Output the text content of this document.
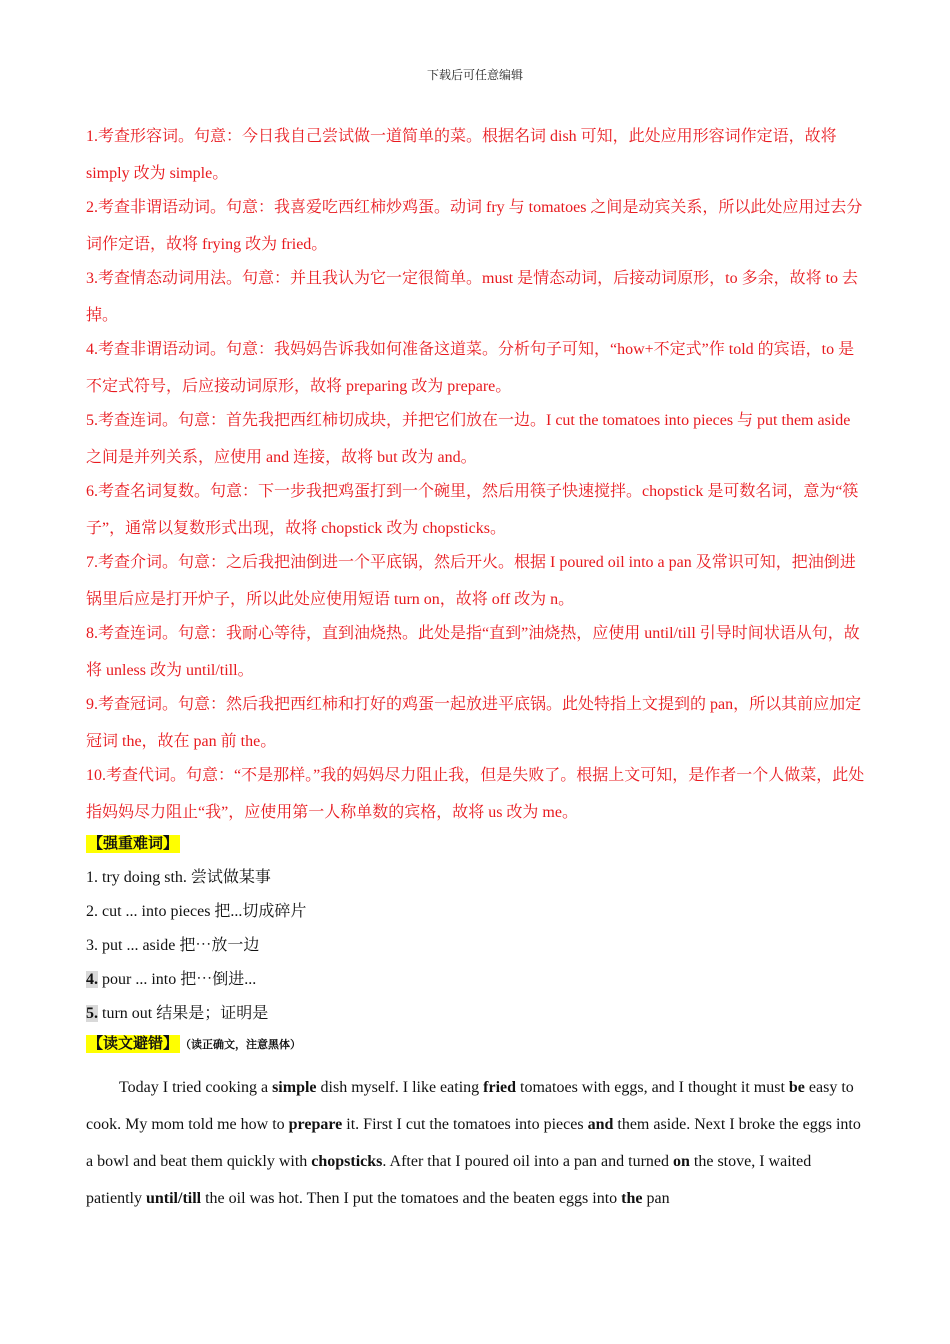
下载后可任意编辑

1.考查形容词。句意：今日我自己尝试做一道简单的菜。根据名词 dish 可知，此处应用形容词作定语，故将 simply 改为 simple。

2.考查非谓语动词。句意：我喜爱吃西红柿炒鸡蛋。动词 fry 与 tomatoes 之间是动宾关系，所以此处应用过去分词作定语，故将 frying 改为 fried。

3.考查情态动词用法。句意：并且我认为它一定很简单。must 是情态动词，后接动词原形，to 多余，故将 to 去掉。

4.考查非谓语动词。句意：我妈妈告诉我如何准备这道菜。分析句子可知，“how+不定式”作 told 的宾语，to 是不定式符号，后应接动词原形，故将 preparing 改为 prepare。

5.考查连词。句意：首先我把西红柿切成块，并把它们放在一边。I cut the tomatoes into pieces 与 put them aside 之间是并列关系，应使用 and 连接，故将 but 改为 and。

6.考查名词复数。句意：下一步我把鸡蛋打到一个碗里，然后用筷子快速搅拌。chopstick 是可数名词，意为“筷子”，通常以复数形式出现，故将 chopstick 改为 chopsticks。

7.考查介词。句意：之后我把油倒进一个平底锅，然后开火。根据 I poured oil into a pan 及常识可知，把油倒进锅里后应是打开炉子，所以此处应使用短语 turn on，故将 off 改为 n。

8.考查连词。句意：我耐心等待，直到油烧热。此处是指“直到”油烧热，应使用 until/till 引导时间状语从句，故将 unless 改为 until/till。

9.考查冠词。句意：然后我把西红柿和打好的鸡蛋一起放进平底锅。此处特指上文提到的 pan，所以其前应加定冠词 the，故在 pan 前 the。

10.考查代词。句意：“不是那样。”我的妈妈尽力阻止我，但是失败了。根据上文可知，是作者一个人做菜，此处指妈妈尽力阻止“我”，应使用第一人称单数的宾格，故将 us 改为 me。

【强重难词】

1. try doing sth. 尝试做某事

2. cut ... into pieces 把...切成碎片

3. put ... aside 把⋯放一边

4. pour ... into 把⋯倒进...

5. turn out 结果是；证明是

【读文避错】 （读正确文，注意黑体）

Today I tried cooking a simple dish myself. I like eating fried tomatoes with eggs, and I thought it must be easy to cook. My mom told me how to prepare it. First I cut the tomatoes into pieces and them aside. Next I broke the eggs into a bowl and beat them quickly with chopsticks. After that I poured oil into a pan and turned on the stove, I waited patiently until/till the oil was hot. Then I put the tomatoes and the beaten eggs into the pan
